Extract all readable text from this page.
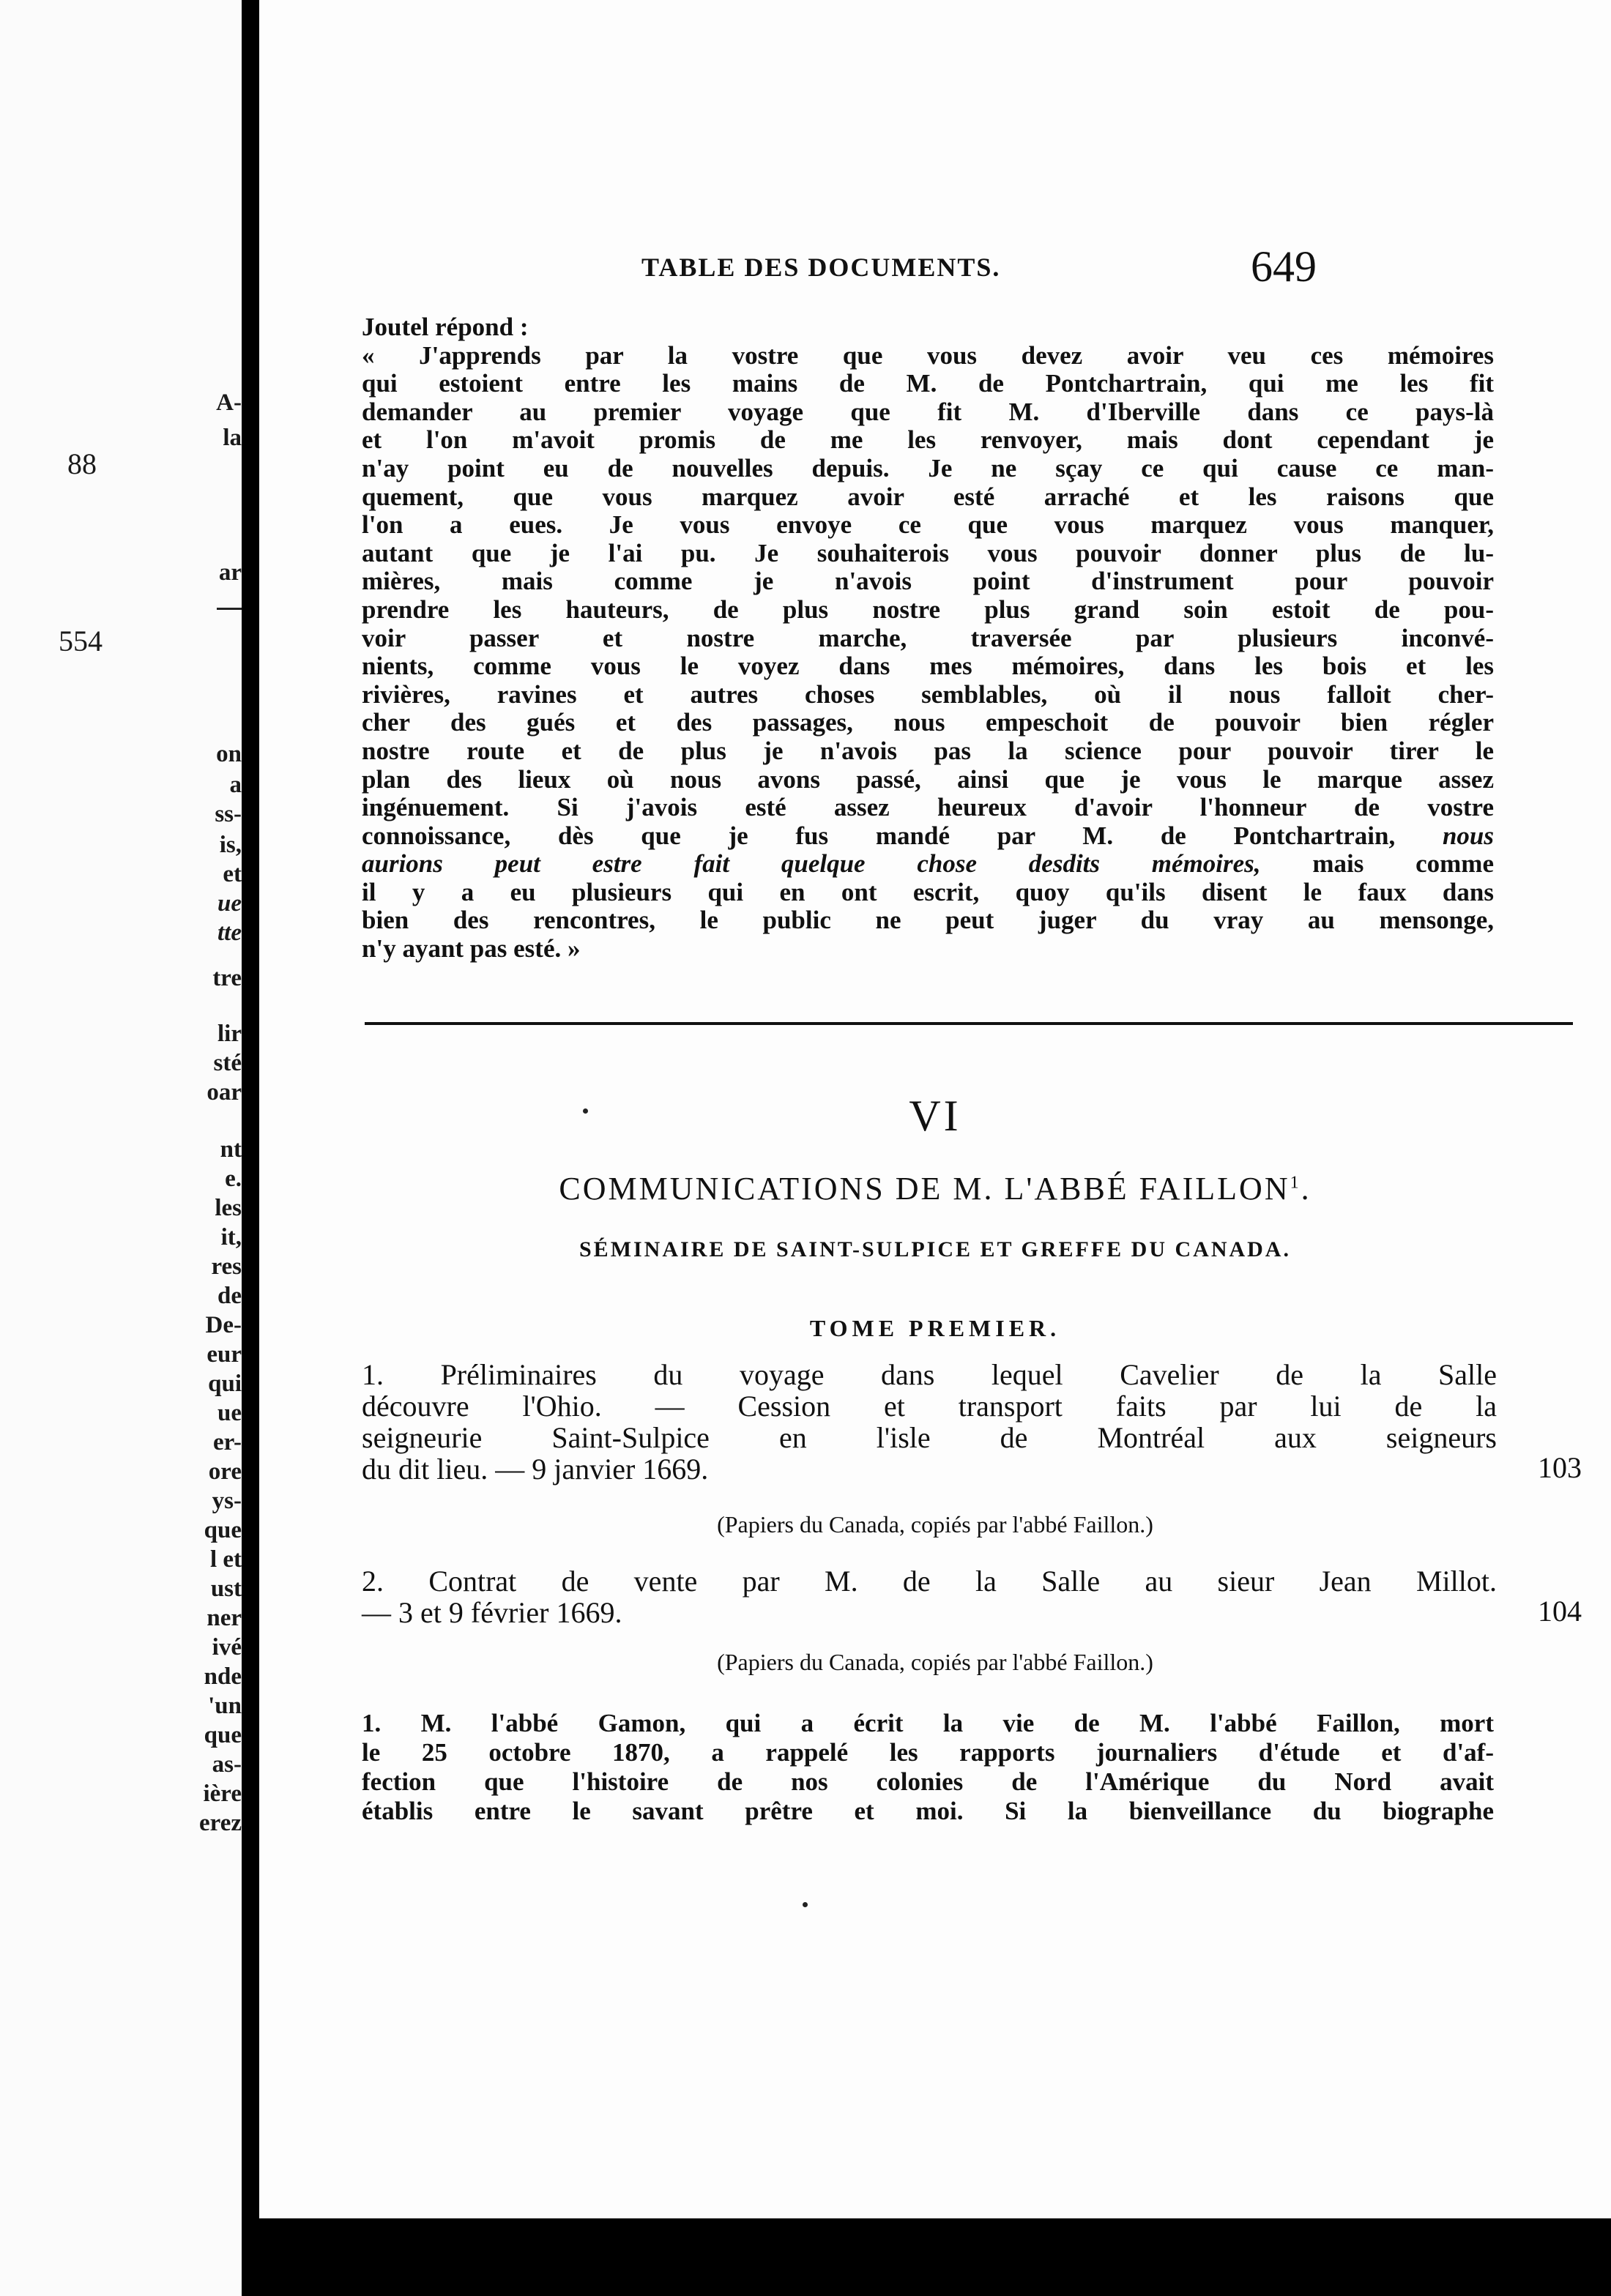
A-
la
ar
on
a
ss-
is,
et
ue
tte
tre
lir
sté
oar
nt
e.
les
it,
res
de
De-
eur
qui
ue
er-
ore
ys-
que
l et
ust
ner
ivé
nde
'un
que
as-
ière
erez
88
554
TABLE DES DOCUMENTS.	649
Joutel répond :
« J'apprends par la vostre que vous devez avoir veu ces mémoires
qui estoient entre les mains de M. de Pontchartrain, qui me les fit
demander au premier voyage que fit M. d'Iberville dans ce pays-là
et l'on m'avoit promis de me les renvoyer, mais dont cependant je
n'ay point eu de nouvelles depuis. Je ne sçay ce qui cause ce man-
quement, que vous marquez avoir esté arraché et les raisons que
l'on a eues. Je vous envoye ce que vous marquez vous manquer,
autant que je l'ai pu. Je souhaiterois vous pouvoir donner plus de lu-
mières, mais comme je n'avois point d'instrument pour pouvoir
prendre les hauteurs, de plus nostre plus grand soin estoit de pou-
voir passer et nostre marche, traversée par plusieurs inconvé-
nients, comme vous le voyez dans mes mémoires, dans les bois et les
rivières, ravines et autres choses semblables, où il nous falloit cher-
cher des gués et des passages, nous empeschoit de pouvoir bien régler
nostre route et de plus je n'avois pas la science pour pouvoir tirer le
plan des lieux où nous avons passé, ainsi que je vous le marque assez
ingénuement. Si j'avois esté assez heureux d'avoir l'honneur de vostre
connoissance, dès que je fus mandé par M. de Pontchartrain, nous
aurions peut estre fait quelque chose desdits mémoires, mais comme
il y a eu plusieurs qui en ont escrit, quoy qu'ils disent le faux dans
bien des rencontres, le public ne peut juger du vray au mensonge,
n'y ayant pas esté. »
VI
COMMUNICATIONS DE M. L'ABBÉ FAILLON$^1$.
SÉMINAIRE DE SAINT-SULPICE ET GREFFE DU CANADA.
TOME PREMIER.
1. Préliminaires du voyage dans lequel Cavelier de la Salle
découvre l'Ohio. — Cession et transport faits par lui de la
seigneurie Saint-Sulpice en l'isle de Montréal aux seigneurs
du dit lieu. — 9 janvier 1669.	103
(Papiers du Canada, copiés par l'abbé Faillon.)
2. Contrat de vente par M. de la Salle au sieur Jean Millot.
— 3 et 9 février 1669.	104
(Papiers du Canada, copiés par l'abbé Faillon.)
1. M. l'abbé Gamon, qui a écrit la vie de M. l'abbé Faillon, mort
le 25 octobre 1870, a rappelé les rapports journaliers d'étude et d'af-
fection que l'histoire de nos colonies de l'Amérique du Nord avait
établis entre le savant prêtre et moi. Si la bienveillance du biographe
